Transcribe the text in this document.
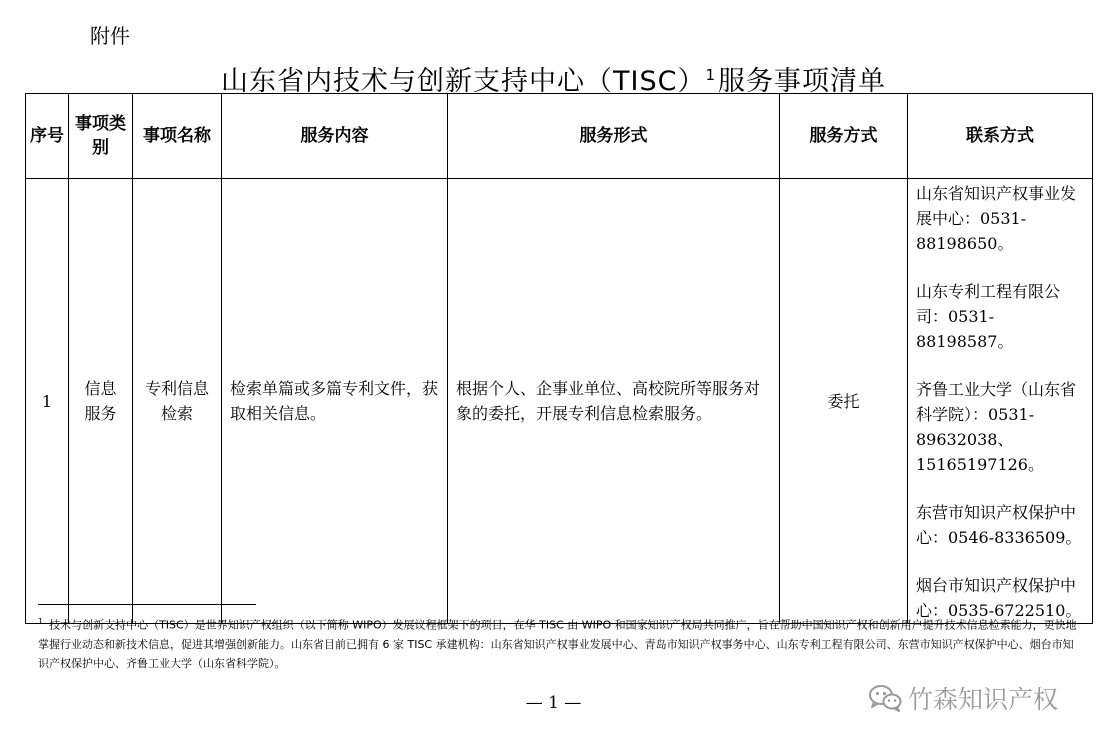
附件
山东省内技术与创新支持中心（TISC）$^1$服务事项清单
序号	事项类别	事项名称	服务内容	服务形式	服务方式	联系方式
1	信息服务	专利信息检索	检索单篇或多篇专利文件，获取相关信息。	根据个人、企事业单位、高校院所等服务对象的委托，开展专利信息检索服务。	委托	山东省知识产权事业发展中心：0531-88198650。
山东专利工程有限公司：0531-88198587。
齐鲁工业大学（山东省科学院）：0531-89632038、15165197126。
东营市知识产权保护中心：0546-8336509。
烟台市知识产权保护中心：0535-6722510。
$^1$ 技术与创新支持中心（TISC）是世界知识产权组织（以下简称 WIPO）发展议程框架下的项目，在华 TISC 由 WIPO 和国家知识产权局共同推广，旨在帮助中国知识产权和创新用户提升技术信息检索能力，更快地掌握行业动态和新技术信息，促进其增强创新能力。山东省目前已拥有 6 家 TISC 承建机构：山东省知识产权事业发展中心、青岛市知识产权事务中心、山东专利工程有限公司、东营市知识产权保护中心、烟台市知识产权保护中心、齐鲁工业大学（山东省科学院）。
— 1 —	竹森知识产权
